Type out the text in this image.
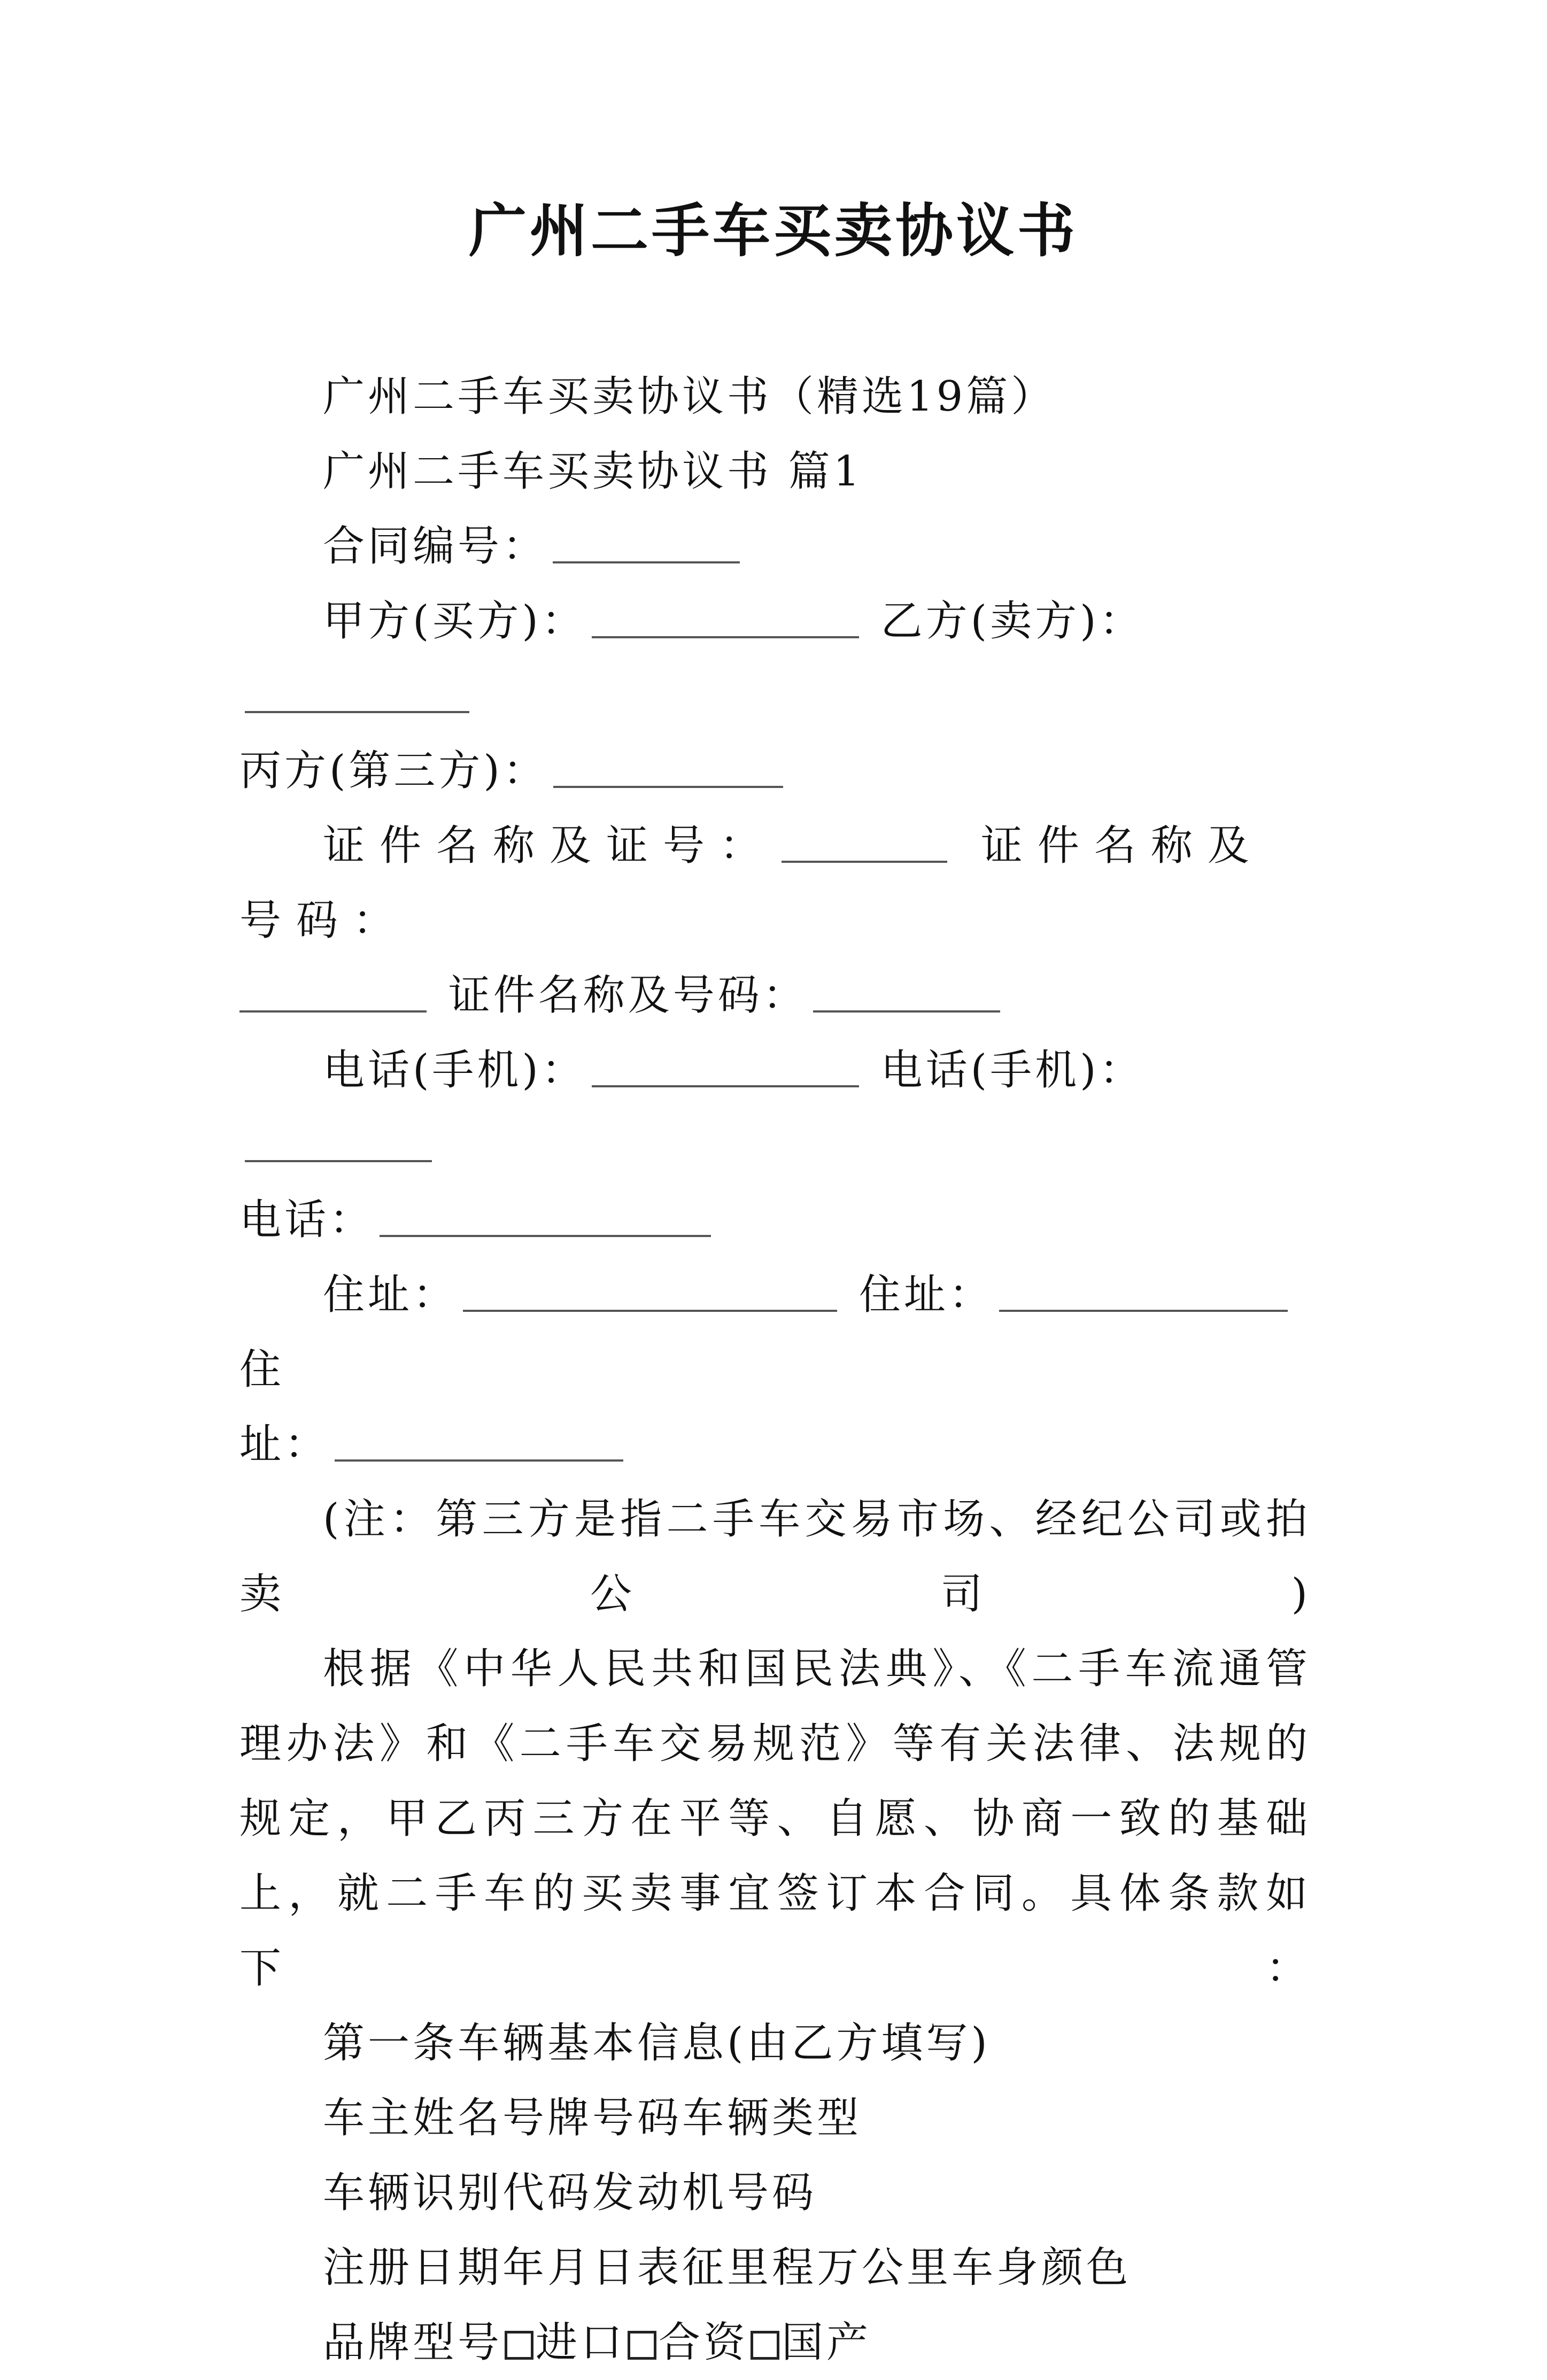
广州二手车买卖协议书

广州二手车买卖协议书（精选19篇）

广州二手车买卖协议书 篇1

合同编号：

甲方(买方)：	乙方(卖方)：

丙方(第三方)：

证件名称及证号：	证件名称及号码：

证件名称及号码：

电话(手机)：	电话(手机)：

电话：

住址：	住址： 住

址：

(注：第三方是指二手车交易市场、经纪公司或拍卖公司)

根据《中华人民共和国民法典》、《二手车流通管理办法》和《二手车交易规范》等有关法律、法规的规定，甲乙丙三方在平等、自愿、协商一致的基础上，就二手车的买卖事宜签订本合同。具体条款如下：

第一条车辆基本信息(由乙方填写)

车主姓名号牌号码车辆类型

车辆识别代码发动机号码

注册日期年月日表征里程万公里车身颜色

品牌型号 进口 合资 国产
